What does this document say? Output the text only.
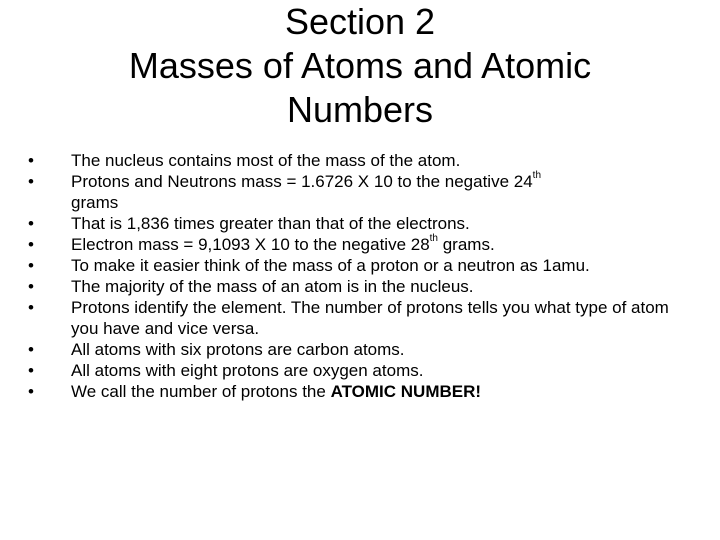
Section 2
Masses of Atoms and Atomic
Numbers
• The nucleus contains most of the mass of the atom.
• Protons and Neutrons mass = 1.6726 X 10 to the negative 24th
grams
• That is 1,836 times greater than that of the electrons.
• Electron mass = 9,1093 X 10 to the negative 28th grams.
• To make it easier think of the mass of a proton or a neutron as 1amu.
• The majority of the mass of an atom is in the nucleus.
• Protons identify the element. The number of protons tells you what type of atom you have and vice versa.
• All atoms with six protons are carbon atoms.
• All atoms with eight protons are oxygen atoms.
• We call the number of protons the ATOMIC NUMBER!
